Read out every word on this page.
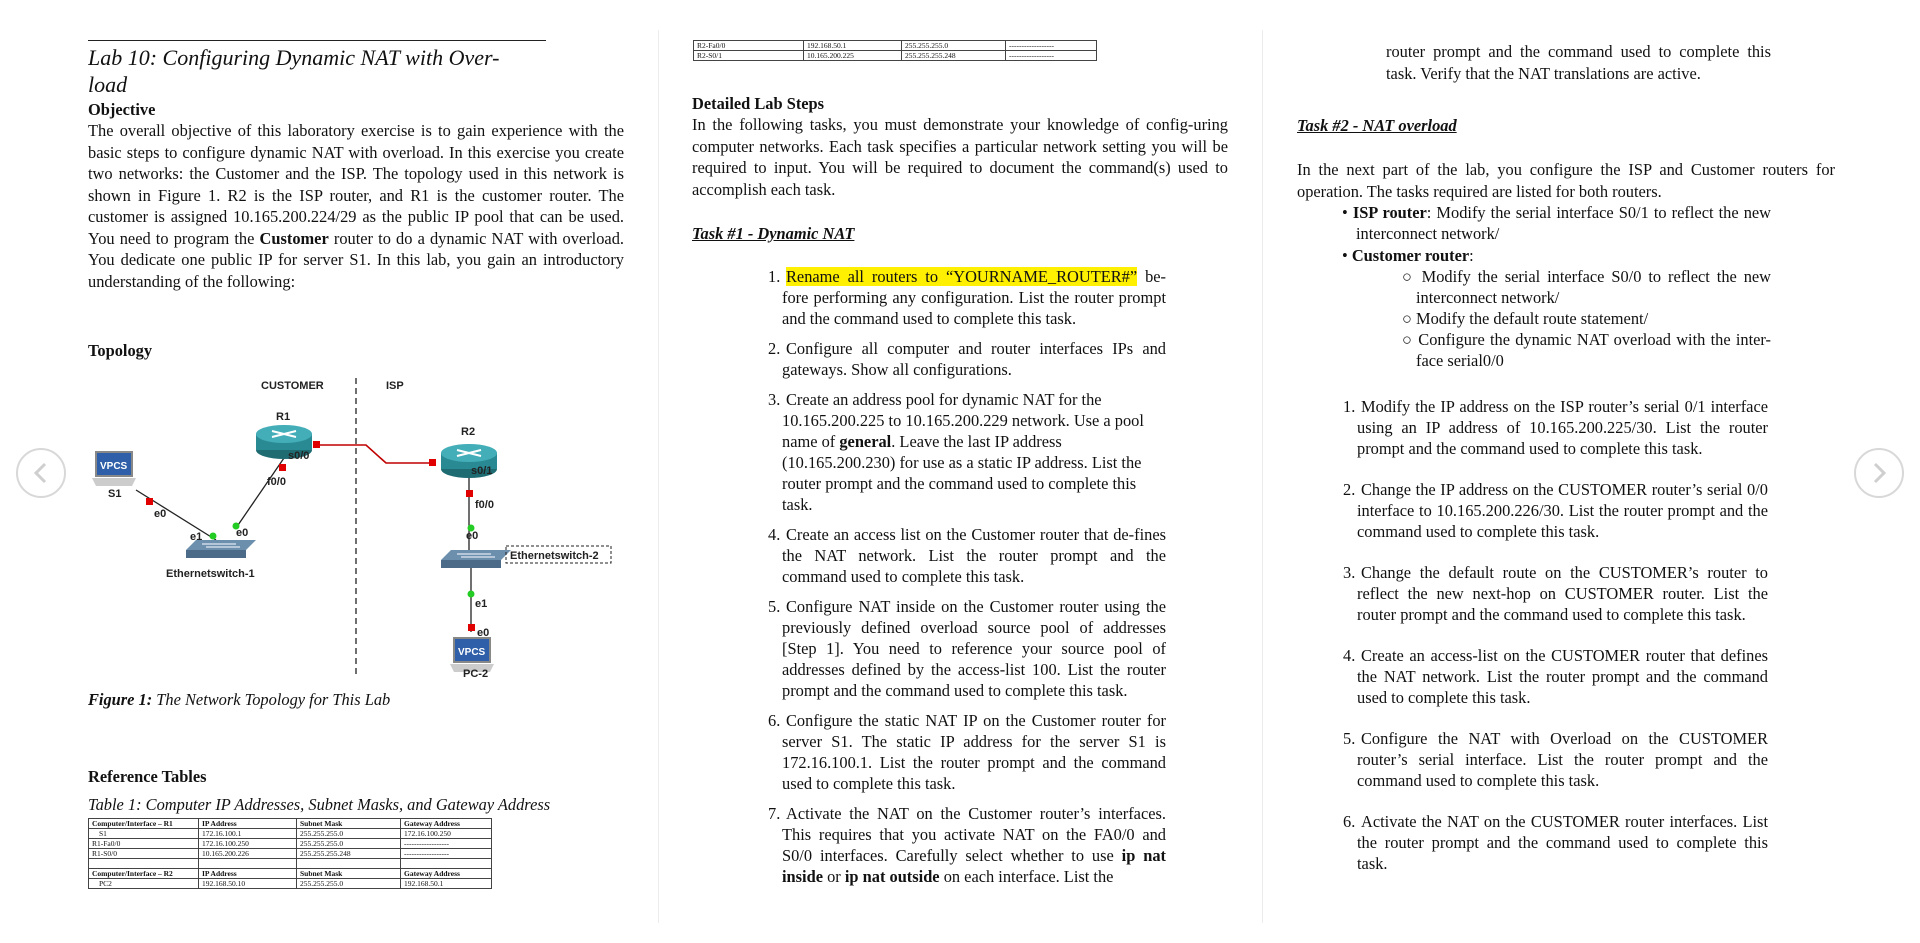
Lab 10: Configuring Dynamic NAT with Over-
load
Objective
The overall objective of this laboratory exercise is to gain experience with the basic steps to configure dynamic NAT with overload. In this exercise you create two networks: the Customer and the ISP. The topology used in this network is shown in Figure 1. R2 is the ISP router, and R1 is the customer router. The customer is assigned 10.165.200.224/29 as the public IP pool that can be used. You need to program the Customer router to do a dynamic NAT with overload. You dedicate one public IP for server S1. In this lab, you gain an introductory understanding of the following:
Topology
CUSTOMER	ISP
R1
s0/0
f0/0
R2
s0/1
f0/0
VPCS
S1
e0
e1	e0
Ethernetswitch-1
Ethernetswitch-2
e0
e1
VPCS
e0
PC-2
Figure 1: The Network Topology for This Lab
Reference Tables
Table 1: Computer IP Addresses, Subnet Masks, and Gateway Address
Computer/Interface – R1	IP Address	Subnet Mask	Gateway Address
S1	172.16.100.1	255.255.255.0	172.16.100.250
R1-Fa0/0	172.16.100.250	255.255.255.0	------------------
R1-S0/0	10.165.200.226	255.255.255.248	------------------

Computer/Interface – R2	IP Address	Subnet Mask	Gateway Address
PC2	192.168.50.10	255.255.255.0	192.168.50.1
R2-Fa0/0	192.168.50.1	255.255.255.0	------------------
R2-S0/1	10.165.200.225	255.255.255.248	------------------
Detailed Lab Steps
In the following tasks, you must demonstrate your knowledge of config-uring computer networks. Each task specifies a particular network setting you will be required to input. You will be required to document the command(s) used to accomplish each task.
Task #1 - Dynamic NAT
1. Rename all routers to “YOURNAME_ROUTER#” be-fore performing any configuration. List the router prompt and the command used to complete this task.
2. Configure all computer and router interfaces IPs and gateways. Show all configurations.
3. Create an address pool for dynamic NAT for the 10.165.200.225 to 10.165.200.229 network. Use a pool name of general. Leave the last IP address (10.165.200.230) for use as a static IP address. List the router prompt and the command used to complete this task.
4. Create an access list on the Customer router that de-fines the NAT network. List the router prompt and the command used to complete this task.
5. Configure NAT inside on the Customer router using the previously defined overload source pool of addresses [Step 1]. You need to reference your source pool of addresses defined by the access-list 100. List the router prompt and the command used to complete this task.
6. Configure the static NAT IP on the Customer router for server S1. The static IP address for the server S1 is 172.16.100.1. List the router prompt and the command used to complete this task.
7. Activate the NAT on the Customer router’s interfaces. This requires that you activate NAT on the FA0/0 and S0/0 interfaces. Carefully select whether to use ip nat inside or ip nat outside on each interface. List the
router prompt and the command used to complete this task. Verify that the NAT translations are active.
Task #2 - NAT overload
In the next part of the lab, you configure the ISP and Customer routers for operation. The tasks required are listed for both routers.
• ISP router: Modify the serial interface S0/1 to reflect the new interconnect network/
• Customer router:
○ Modify the serial interface S0/0 to reflect the new interconnect network/
○ Modify the default route statement/
○ Configure the dynamic NAT overload with the inter-face serial0/0
1. Modify the IP address on the ISP router’s serial 0/1 interface using an IP address of 10.165.200.225/30. List the router prompt and the command used to complete this task.
2. Change the IP address on the CUSTOMER router’s serial 0/0 interface to 10.165.200.226/30. List the router prompt and the command used to complete this task.
3. Change the default route on the CUSTOMER’s router to reflect the new next-hop on CUSTOMER router. List the router prompt and the command used to complete this task.
4. Create an access-list on the CUSTOMER router that defines the NAT network. List the router prompt and the command used to complete this task.
5. Configure the NAT with Overload on the CUSTOMER router’s serial interface. List the router prompt and the command used to complete this task.
6. Activate the NAT on the CUSTOMER router interfaces. List the router prompt and the command used to complete this task.
